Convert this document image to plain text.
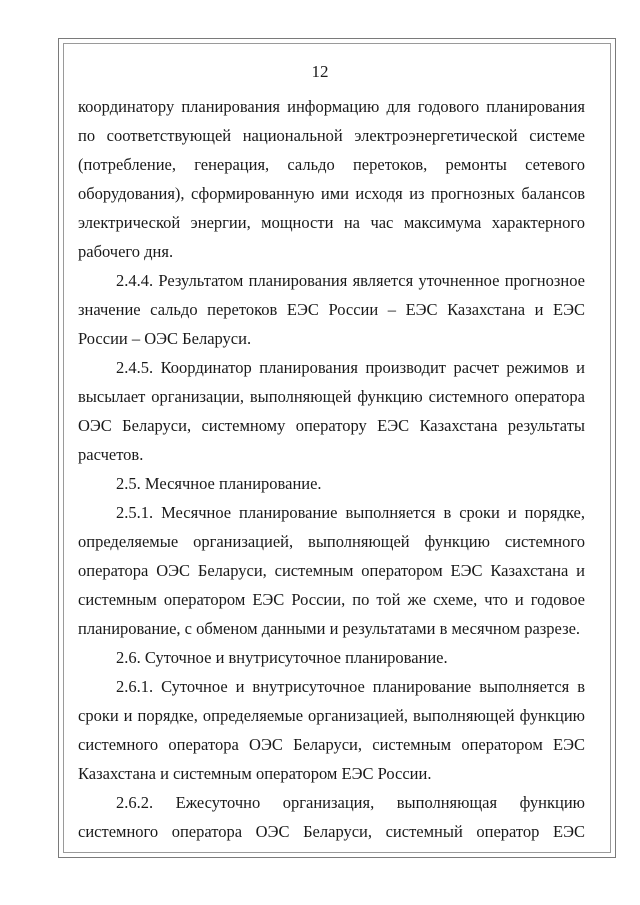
12

координатору планирования информацию для годового планирования по соответствующей национальной электроэнергетической системе (потребление, генерация, сальдо перетоков, ремонты сетевого оборудования), сформированную ими исходя из прогнозных балансов электрической энергии, мощности на час максимума характерного рабочего дня.

2.4.4. Результатом планирования является уточненное прогнозное значение сальдо перетоков ЕЭС России – ЕЭС Казахстана и ЕЭС России – ОЭС Беларуси.

2.4.5. Координатор планирования производит расчет режимов и высылает организации, выполняющей функцию системного оператора ОЭС Беларуси, системному оператору ЕЭС Казахстана результаты расчетов.

2.5. Месячное планирование.

2.5.1. Месячное планирование выполняется в сроки и порядке, определяемые организацией, выполняющей функцию системного оператора ОЭС Беларуси, системным оператором ЕЭС Казахстана и системным оператором ЕЭС России, по той же схеме, что и годовое планирование, с обменом данными и результатами в месячном разрезе.

2.6. Суточное и внутрисуточное планирование.

2.6.1. Суточное и внутрисуточное планирование выполняется в сроки и порядке, определяемые организацией, выполняющей функцию системного оператора ОЭС Беларуси, системным оператором ЕЭС Казахстана и системным оператором ЕЭС России.

2.6.2. Ежесуточно организация, выполняющая функцию системного оператора ОЭС Беларуси, системный оператор ЕЭС
